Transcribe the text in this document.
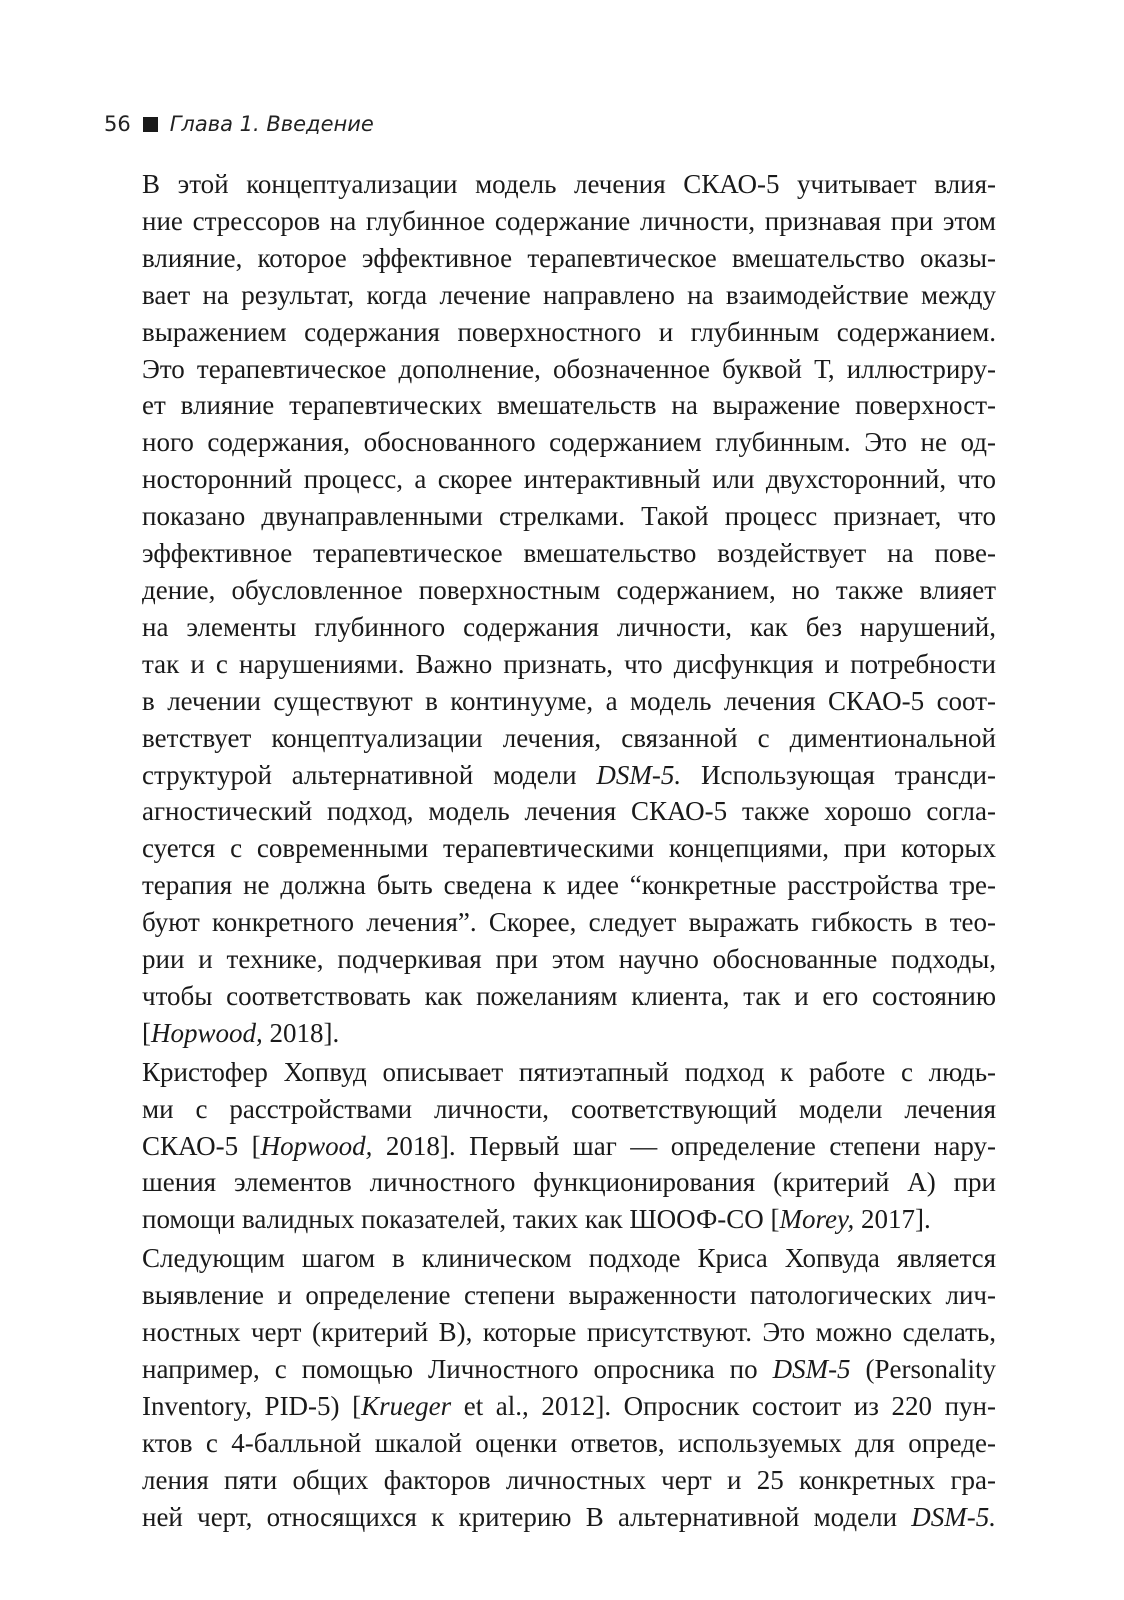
56 Глава 1. Введение

В этой концептуализации модель лечения СКАО-5 учитывает влия-
ние стрессоров на глубинное содержание личности, признавая при этом
влияние, которое эффективное терапевтическое вмешательство оказы-
вает на результат, когда лечение направлено на взаимодействие между
выражением содержания поверхностного и глубинным содержанием.
Это терапевтическое дополнение, обозначенное буквой Т, иллюстриру-
ет влияние терапевтических вмешательств на выражение поверхност-
ного содержания, обоснованного содержанием глубинным. Это не од-
носторонний процесс, а скорее интерактивный или двухсторонний, что
показано двунаправленными стрелками. Такой процесс признает, что
эффективное терапевтическое вмешательство воздействует на пове-
дение, обусловленное поверхностным содержанием, но также влияет
на элементы глубинного содержания личности, как без нарушений,
так и с нарушениями. Важно признать, что дисфункция и потребности
в лечении существуют в континууме, а модель лечения СКАО-5 соот-
ветствует концептуализации лечения, связанной с диментиональной
структурой альтернативной модели DSM-5. Использующая трансди-
агностический подход, модель лечения СКАО-5 также хорошо согла-
суется с современными терапевтическими концепциями, при которых
терапия не должна быть сведена к идее “конкретные расстройства тре-
буют конкретного лечения”. Скорее, следует выражать гибкость в тео-
рии и технике, подчеркивая при этом научно обоснованные подходы,
чтобы соответствовать как пожеланиям клиента, так и его состоянию
[Hopwood, 2018].

Кристофер Хопвуд описывает пятиэтапный подход к работе с людь-
ми с расстройствами личности, соответствующий модели лечения
СКАО-5 [Hopwood, 2018]. Первый шаг — определение степени нару-
шения элементов личностного функционирования (критерий А) при
помощи валидных показателей, таких как ШООФ-СО [Morey, 2017].

Следующим шагом в клиническом подходе Криса Хопвуда является
выявление и определение степени выраженности патологических лич-
ностных черт (критерий В), которые присутствуют. Это можно сделать,
например, с помощью Личностного опросника по DSM-5 (Personality
Inventory, PID-5) [Krueger et al., 2012]. Опросник состоит из 220 пун-
ктов с 4-балльной шкалой оценки ответов, используемых для опреде-
ления пяти общих факторов личностных черт и 25 конкретных гра-
ней черт, относящихся к критерию В альтернативной модели DSM-5.
